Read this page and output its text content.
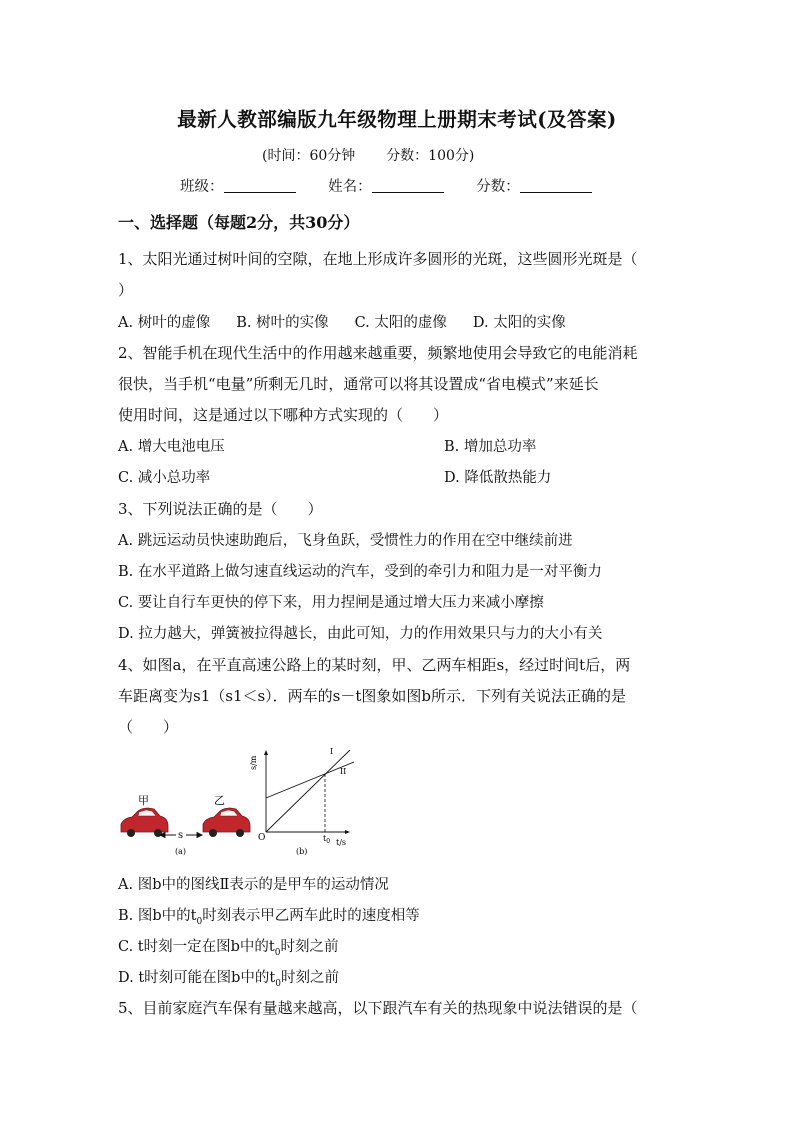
最新人教部编版九年级物理上册期末考试(及答案)
(时间：60分钟 分数：100分)
班级：	姓名：	分数：
一、选择题（每题2分，共30分）
1、太阳光通过树叶间的空隙，在地上形成许多圆形的光斑，这些圆形光斑是（
）
A. 树叶的虚像 B. 树叶的实像 C. 太阳的虚像 D. 太阳的实像
2、智能手机在现代生活中的作用越来越重要，频繁地使用会导致它的电能消耗
很快，当手机“电量”所剩无几时，通常可以将其设置成“省电模式”来延长
使用时间，这是通过以下哪种方式实现的（　　）
A. 增大电池电压	B. 增加总功率
C. 减小总功率	D. 降低散热能力
3、下列说法正确的是（　　）
A. 跳远运动员快速助跑后，飞身鱼跃，受惯性力的作用在空中继续前进
B. 在水平道路上做匀速直线运动的汽车，受到的牵引力和阻力是一对平衡力
C. 要让自行车更快的停下来，用力捏闸是通过增大压力来减小摩擦
D. 拉力越大，弹簧被拉得越长，由此可知，力的作用效果只与力的大小有关
4、如图a，在平直高速公路上的某时刻，甲、乙两车相距s，经过时间t后，两
车距离变为s1（s1＜s）．两车的s－t图象如图b所示．下列有关说法正确的是
（　　）
甲	乙
s
(a)
s/m
t/s
O	$t_0$
I
II
(b)
A. 图b中的图线Ⅱ表示的是甲车的运动情况
B. 图b中的$t_0$时刻表示甲乙两车此时的速度相等
C. t时刻一定在图b中的$t_0$时刻之前
D. t时刻可能在图b中的$t_0$时刻之前
5、目前家庭汽车保有量越来越高，以下跟汽车有关的热现象中说法错误的是（
